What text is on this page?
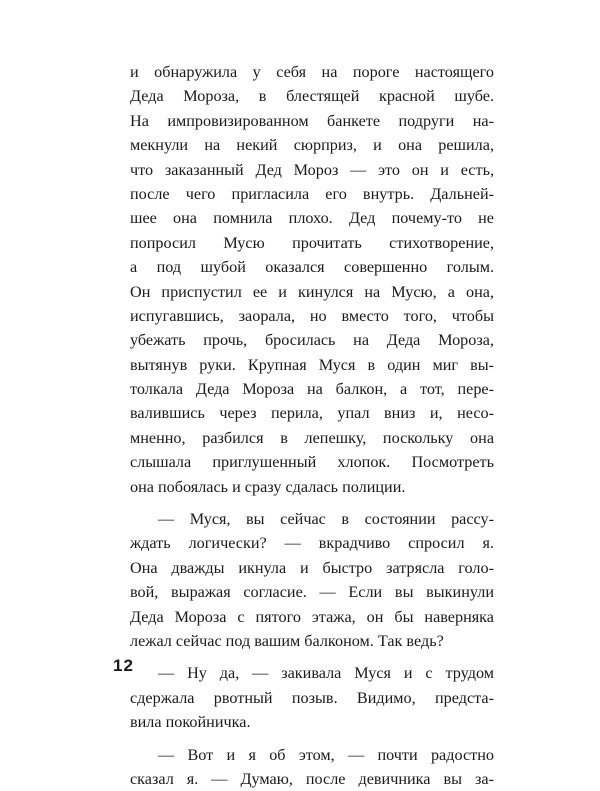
и обнаружила у себя на пороге настоящего
Деда Мороза, в блестящей красной шубе.
На импровизированном банкете подруги на-
мекнули на некий сюрприз, и она решила,
что заказанный Дед Мороз — это он и есть,
после чего пригласила его внутрь. Дальней-
шее она помнила плохо. Дед почему-то не
попросил Мусю прочитать стихотворение,
а под шубой оказался совершенно голым.
Он приспустил ее и кинулся на Мусю, а она,
испугавшись, заорала, но вместо того, чтобы
убежать прочь, бросилась на Деда Мороза,
вытянув руки. Крупная Муся в один миг вы-
толкала Деда Мороза на балкон, а тот, пере-
валившись через перила, упал вниз и, несо-
мненно, разбился в лепешку, поскольку она
слышала приглушенный хлопок. Посмотреть
она побоялась и сразу сдалась полиции.
— Муся, вы сейчас в состоянии рассу-
ждать логически? — вкрадчиво спросил я.
Она дважды икнула и быстро затрясла голо-
вой, выражая согласие. — Если вы выкинули
Деда Мороза с пятого этажа, он бы наверняка
лежал сейчас под вашим балконом. Так ведь?
— Ну да, — закивала Муся и с трудом
сдержала рвотный позыв. Видимо, предста-
вила покойничка.
— Вот и я об этом, — почти радостно
сказал я. — Думаю, после девичника вы за-
12
